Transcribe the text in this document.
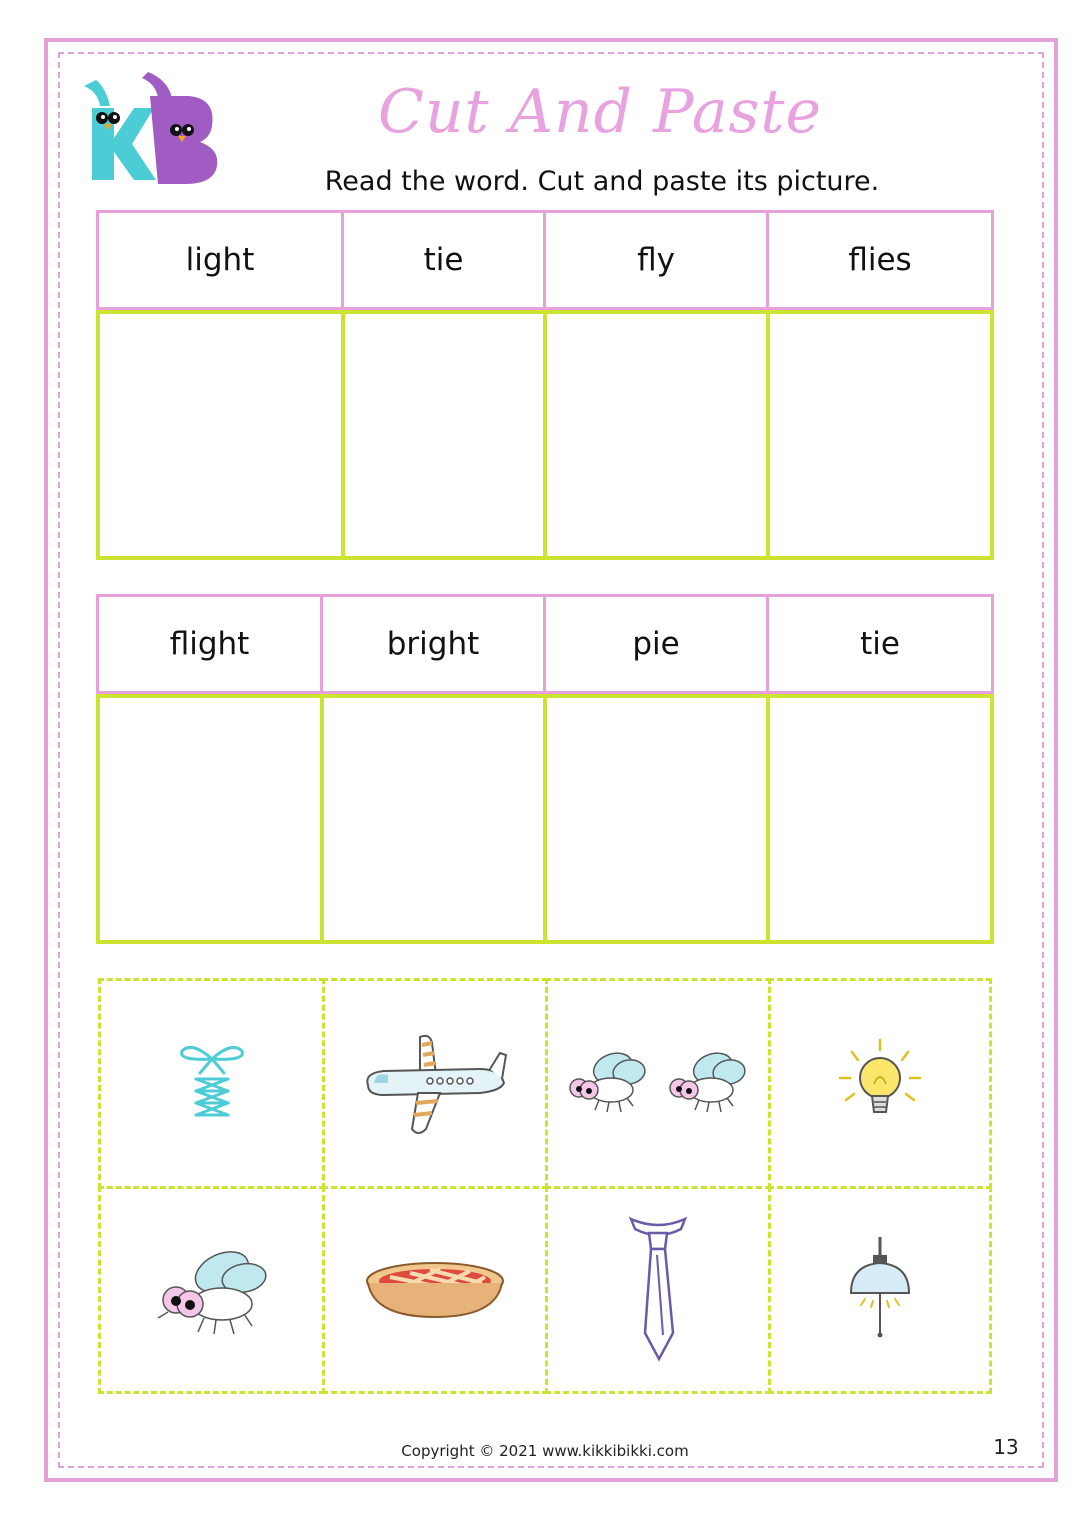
Cut And Paste
Read the word. Cut and paste its picture.
light	tie	fly	flies
flight	bright	pie	tie
Copyright © 2021 www.kikkibikki.com	13
